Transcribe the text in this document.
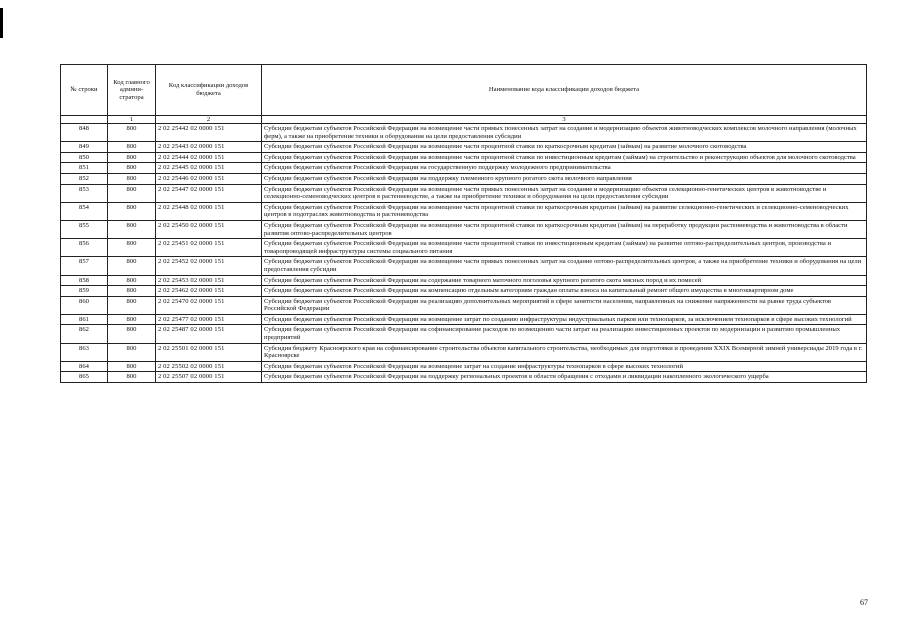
№ строки	Код главного админи-стратора	Код классификации доходов бюджета	Наименование кода классификации доходов бюджета
	1	2	3
848	800	2 02 25442 02 0000 151	Субсидии бюджетам субъектов Российской Федерации на возмещение части прямых понесенных затрат на создание и модернизацию объектов животноводческих комплексов молочного направления (молочных ферм), а также на приобретение техники и оборудования на цели предоставления субсидии
849	800	2 02 25443 02 0000 151	Субсидии бюджетам субъектов Российской Федерации на возмещение части процентной ставки по краткосрочным кредитам (займам) на развитие молочного скотоводства
850	800	2 02 25444 02 0000 151	Субсидии бюджетам субъектов Российской Федерации на возмещение части процентной ставки по инвестиционным кредитам (займам) на строительство и реконструкцию объектов для молочного скотоводства
851	800	2 02 25445 02 0000 151	Субсидии бюджетам субъектов Российской Федерации на государственную поддержку молодежного предпринимательства
852	800	2 02 25446 02 0000 151	Субсидии бюджетам субъектов Российской Федерации на поддержку племенного крупного рогатого скота молочного направления
853	800	2 02 25447 02 0000 151	Субсидии бюджетам субъектов Российской Федерации на возмещение части прямых понесенных затрат на создание и модернизацию объектов селекционно-генетических центров в животноводстве и селекционно-семеноводческих центров в растениеводстве, а также на приобретение техники и оборудования на цели предоставления субсидии
854	800	2 02 25448 02 0000 151	Субсидии бюджетам субъектов Российской Федерации на возмещение части процентной ставки по краткосрочным кредитам (займам) на развитие селекционно-генетических и селекционно-семеноводческих центров в подотраслях животноводства и растениеводства
855	800	2 02 25450 02 0000 151	Субсидии бюджетам субъектов Российской Федерации на возмещение части процентной ставки по краткосрочным кредитам (займам) на переработку продукции растениеводства и животноводства в области развития оптово-распределительных центров
856	800	2 02 25451 02 0000 151	Субсидии бюджетам субъектов Российской Федерации на возмещение части процентной ставки по инвестиционным кредитам (займам) на развитие оптово-распределительных центров, производства и товаропроводящей инфраструктуры системы социального питания
857	800	2 02 25452 02 0000 151	Субсидии бюджетам субъектов Российской Федерации на возмещение части прямых понесенных затрат на создание оптово-распределительных центров, а также на приобретение техники и оборудования на цели предоставления субсидии
858	800	2 02 25453 02 0000 151	Субсидии бюджетам субъектов Российской Федерации на содержание товарного маточного поголовья крупного рогатого скота мясных пород и их помесей
859	800	2 02 25462 02 0000 151	Субсидии бюджетам субъектов Российской Федерации на компенсацию отдельным категориям граждан оплаты взноса на капитальный ремонт общего имущества в многоквартирном доме
860	800	2 02 25470 02 0000 151	Субсидии бюджетам субъектов Российской Федерации на реализацию дополнительных мероприятий в сфере занятости населения, направленных на снижение напряженности на рынке труда субъектов Российской Федерации
861	800	2 02 25477 02 0000 151	Субсидии бюджетам субъектов Российской Федерации на возмещение затрат по созданию инфраструктуры индустриальных парков или технопарков, за исключением технопарков в сфере высоких технологий
862	800	2 02 25487 02 0000 151	Субсидии бюджетам субъектов Российской Федерации на софинансирование расходов по возмещению части затрат на реализацию инвестиционных проектов по модернизации и развитию промышленных предприятий
863	800	2 02 25501 02 0000 151	Субсидия бюджету Красноярского края на софинансирование строительства объектов капитального строительства, необходимых для подготовки и проведения XXIX Всемирной зимней универсиады 2019 года в г. Красноярске
864	800	2 02 25502 02 0000 151	Субсидии бюджетам субъектов Российской Федерации на возмещение затрат на создание инфраструктуры технопарков в сфере высоких технологий
865	800	2 02 25507 02 0000 151	Субсидии бюджетам субъектов Российской Федерации на поддержку региональных проектов в области обращения с отходами и ликвидации накопленного экологического ущерба
67
